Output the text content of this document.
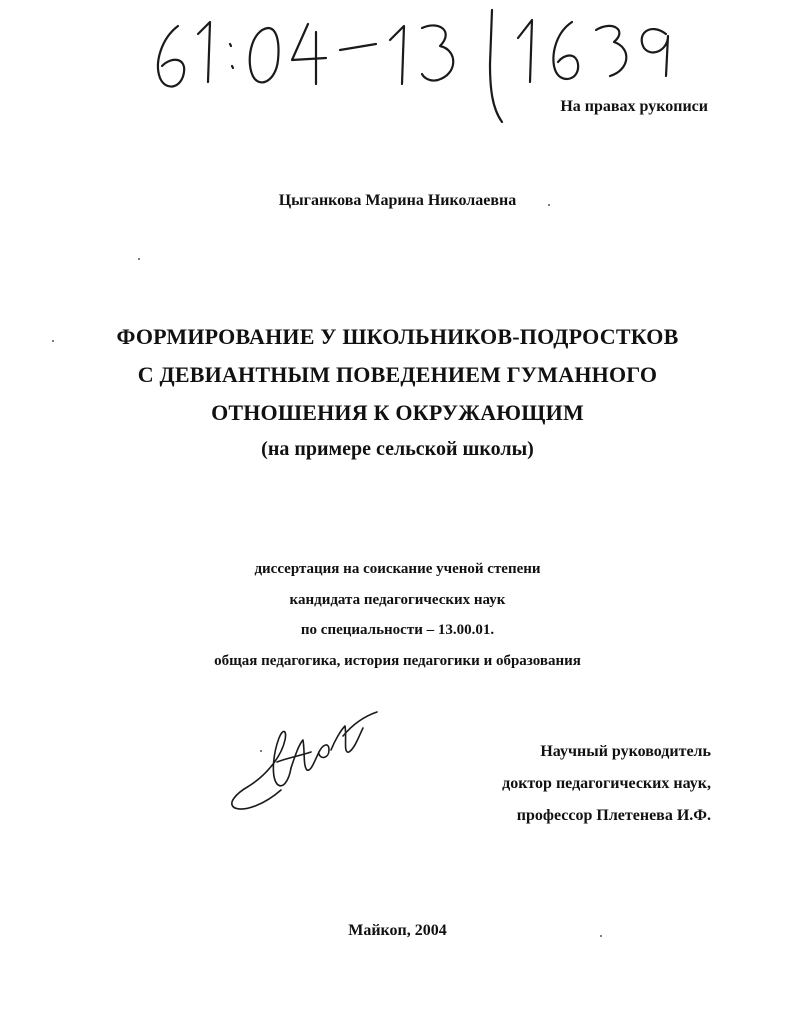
На правах рукописи
Цыганкова Марина Николаевна
ФОРМИРОВАНИЕ У ШКОЛЬНИКОВ-ПОДРОСТКОВ
С ДЕВИАНТНЫМ ПОВЕДЕНИЕМ ГУМАННОГО
ОТНОШЕНИЯ К ОКРУЖАЮЩИМ
(на примере сельской школы)
диссертация на соискание ученой степени
кандидата педагогических наук
по специальности – 13.00.01.
общая педагогика, история педагогики и образования
Научный руководитель
доктор педагогических наук,
профессор Плетенева И.Ф.
Майкоп, 2004
